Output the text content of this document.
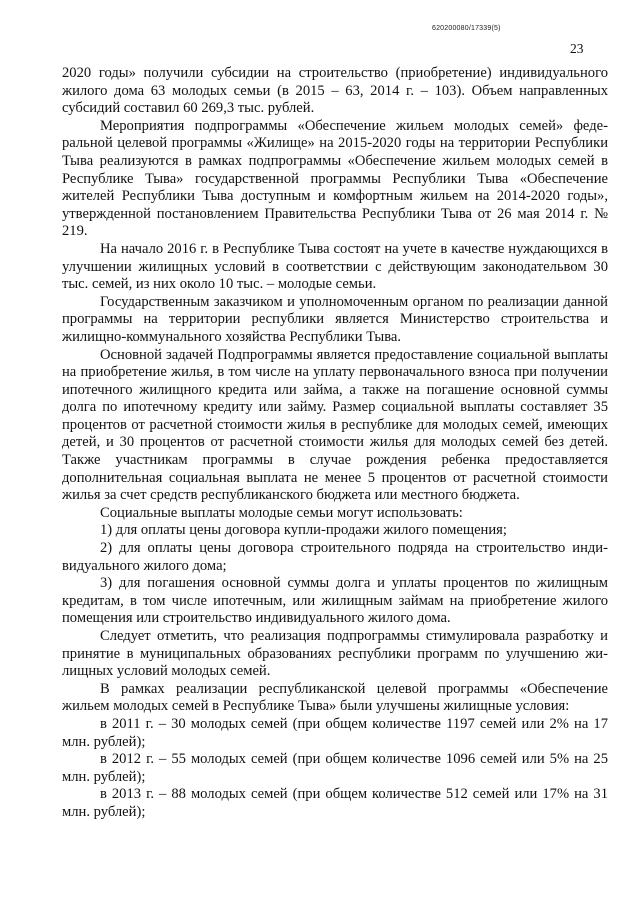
620200080/17339(5)
23

2020 годы» получили субсидии на строительство (приобретение) индивидуального жилого дома 63 молодых семьи (в 2015 – 63, 2014 г. – 103). Объем направленных субсидий составил 60 269,3 тыс. рублей.

Мероприятия подпрограммы «Обеспечение жильем молодых семей» федеральной целевой программы «Жилище» на 2015-2020 годы на территории Республики Тыва реализуются в рамках подпрограммы «Обеспечение жильем молодых семей в Республике Тыва» государственной программы Республики Тыва «Обеспечение жителей Республики Тыва доступным и комфортным жильем на 2014-2020 годы», утвержденной постановлением Правительства Республики Тыва от 26 мая 2014 г. № 219.

На начало 2016 г. в Республике Тыва состоят на учете в качестве нуждающихся в улучшении жилищных условий в соответствии с действующим законодательвом 30 тыс. семей, из них около 10 тыс. – молодые семьи.

Государственным заказчиком и уполномоченным органом по реализации данной программы на территории республики является Министерство строительства и жилищно-коммунального хозяйства Республики Тыва.

Основной задачей Подпрограммы является предоставление социальной выплаты на приобретение жилья, в том числе на уплату первоначального взноса при получении ипотечного жилищного кредита или займа, а также на погашение основной суммы долга по ипотечному кредиту или займу. Размер социальной выплаты составляет 35 процентов от расчетной стоимости жилья в республике для молодых семей, имеющих детей, и 30 процентов от расчетной стоимости жилья для молодых семей без детей. Также участникам программы в случае рождения ребенка предоставляется дополнительная социальная выплата не менее 5 процентов от расчетной стоимости жилья за счет средств республиканского бюджета или местного бюджета.

Социальные выплаты молодые семьи могут использовать:

1) для оплаты цены договора купли-продажи жилого помещения;

2) для оплаты цены договора строительного подряда на строительство индивидуального жилого дома;

3) для погашения основной суммы долга и уплаты процентов по жилищным кредитам, в том числе ипотечным, или жилищным займам на приобретение жилого помещения или строительство индивидуального жилого дома.

Следует отметить, что реализация подпрограммы стимулировала разработку и принятие в муниципальных образованиях республики программ по улучшению жилищных условий молодых семей.

В рамках реализации республиканской целевой программы «Обеспечение жильем молодых семей в Республике Тыва» были улучшены жилищные условия:

в 2011 г. – 30 молодых семей (при общем количестве 1197 семей или 2% на 17 млн. рублей);

в 2012 г. – 55 молодых семей (при общем количестве 1096 семей или 5% на 25 млн. рублей);

в 2013 г. – 88 молодых семей (при общем количестве 512 семей или 17% на 31 млн. рублей);
